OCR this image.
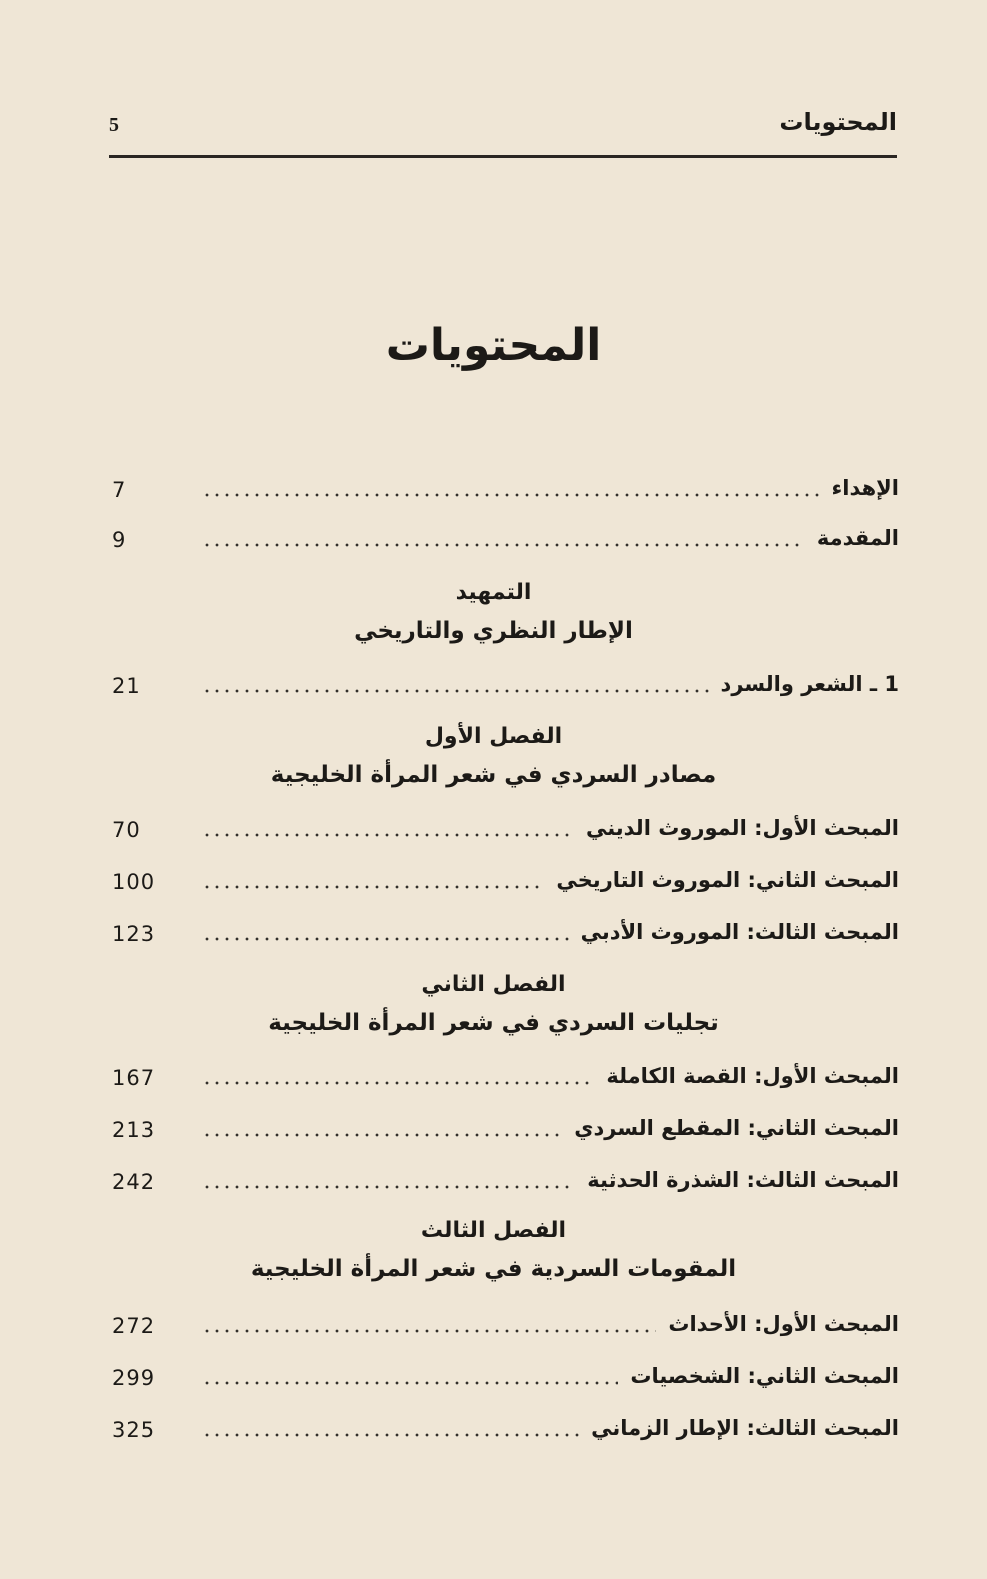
المحتويات
5
المحتويات
الإهداء
7
المقدمة
9
التمهيد
الإطار النظري والتاريخي
1 ـ الشعر والسرد
21
الفصل الأول
مصادر السردي في شعر المرأة الخليجية
المبحث الأول: الموروث الديني
70
المبحث الثاني: الموروث التاريخي
100
المبحث الثالث: الموروث الأدبي
123
الفصل الثاني
تجليات السردي في شعر المرأة الخليجية
المبحث الأول: القصة الكاملة
167
المبحث الثاني: المقطع السردي
213
المبحث الثالث: الشذرة الحدثية
242
الفصل الثالث
المقومات السردية في شعر المرأة الخليجية
المبحث الأول: الأحداث
272
المبحث الثاني: الشخصيات
299
المبحث الثالث: الإطار الزماني
325
